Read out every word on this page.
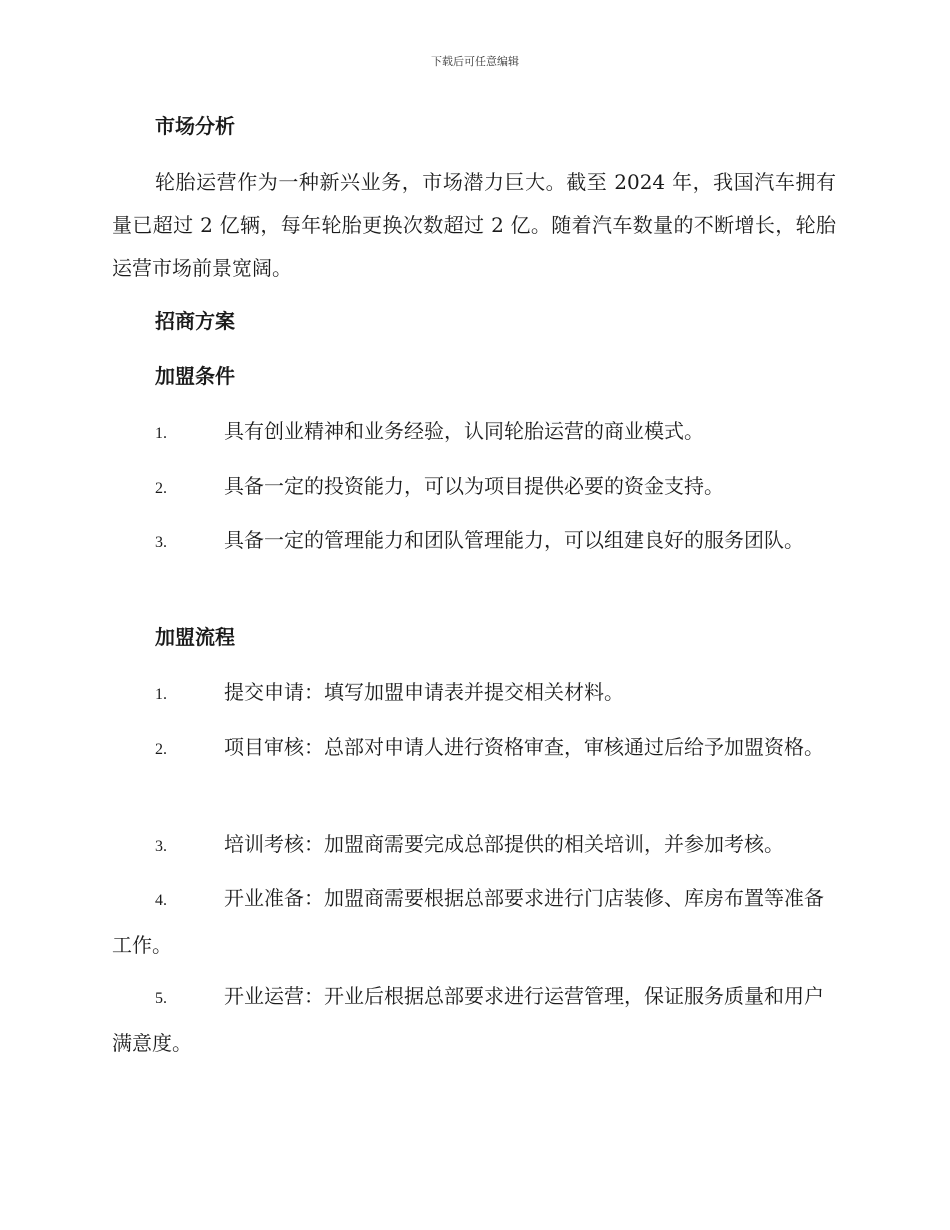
下载后可任意编辑
市场分析

轮胎运营作为一种新兴业务，市场潜力巨大。截至 2024 年，我国汽车拥有量已超过 2 亿辆，每年轮胎更换次数超过 2 亿。随着汽车数量的不断增长，轮胎运营市场前景宽阔。

招商方案
加盟条件

1.	具有创业精神和业务经验，认同轮胎运营的商业模式。

2.	具备一定的投资能力，可以为项目提供必要的资金支持。

3.	具备一定的管理能力和团队管理能力，可以组建良好的服务团队。

加盟流程

1.	提交申请：填写加盟申请表并提交相关材料。

2.	项目审核：总部对申请人进行资格审查，审核通过后给予加盟资格。

3.	培训考核：加盟商需要完成总部提供的相关培训，并参加考核。

4.	开业准备：加盟商需要根据总部要求进行门店装修、库房布置等准备工作。

5.	开业运营：开业后根据总部要求进行运营管理，保证服务质量和用户满意度。
